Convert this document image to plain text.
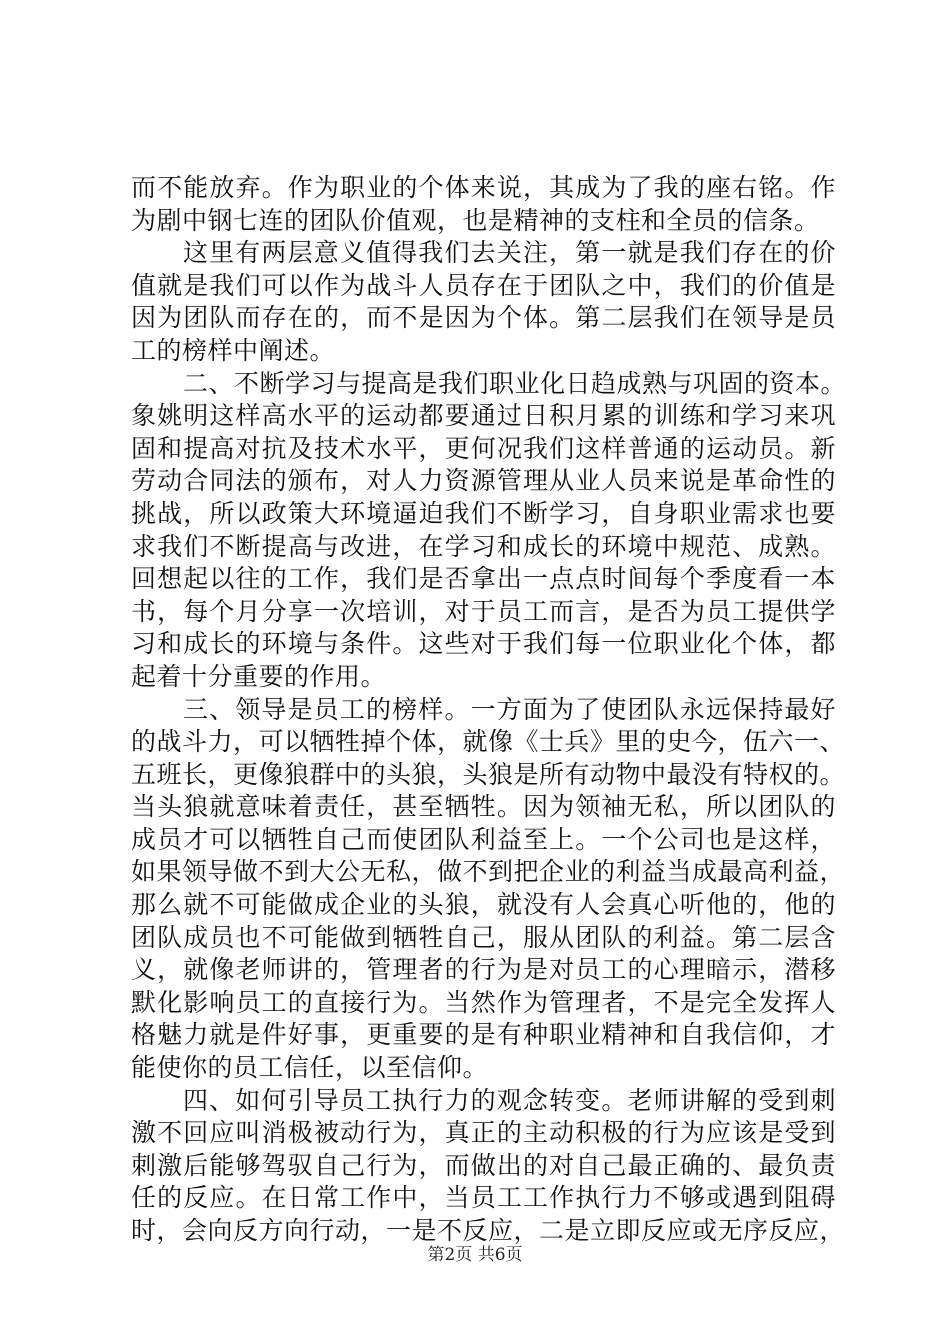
而不能放弃。作为职业的个体来说，其成为了我的座右铭。作
为剧中钢七连的团队价值观，也是精神的支柱和全员的信条。
这里有两层意义值得我们去关注，第一就是我们存在的价
值就是我们可以作为战斗人员存在于团队之中，我们的价值是
因为团队而存在的，而不是因为个体。第二层我们在领导是员
工的榜样中阐述。
二、不断学习与提高是我们职业化日趋成熟与巩固的资本。
象姚明这样高水平的运动都要通过日积月累的训练和学习来巩
固和提高对抗及技术水平，更何况我们这样普通的运动员。新
劳动合同法的颁布，对人力资源管理从业人员来说是革命性的
挑战，所以政策大环境逼迫我们不断学习，自身职业需求也要
求我们不断提高与改进，在学习和成长的环境中规范、成熟。
回想起以往的工作，我们是否拿出一点点时间每个季度看一本
书，每个月分享一次培训，对于员工而言，是否为员工提供学
习和成长的环境与条件。这些对于我们每一位职业化个体，都
起着十分重要的作用。
三、领导是员工的榜样。一方面为了使团队永远保持最好
的战斗力，可以牺牲掉个体，就像《士兵》里的史今，伍六一、
五班长，更像狼群中的头狼，头狼是所有动物中最没有特权的。
当头狼就意味着责任，甚至牺牲。因为领袖无私，所以团队的
成员才可以牺牲自己而使团队利益至上。一个公司也是这样，
如果领导做不到大公无私，做不到把企业的利益当成最高利益，
那么就不可能做成企业的头狼，就没有人会真心听他的，他的
团队成员也不可能做到牺牲自己，服从团队的利益。第二层含
义，就像老师讲的，管理者的行为是对员工的心理暗示，潜移
默化影响员工的直接行为。当然作为管理者，不是完全发挥人
格魅力就是件好事，更重要的是有种职业精神和自我信仰，才
能使你的员工信任，以至信仰。
四、如何引导员工执行力的观念转变。老师讲解的受到刺
激不回应叫消极被动行为，真正的主动积极的行为应该是受到
刺激后能够驾驭自己行为，而做出的对自己最正确的、最负责
任的反应。在日常工作中，当员工工作执行力不够或遇到阻碍
时，会向反方向行动，一是不反应，二是立即反应或无序反应，
第2页 共6页
